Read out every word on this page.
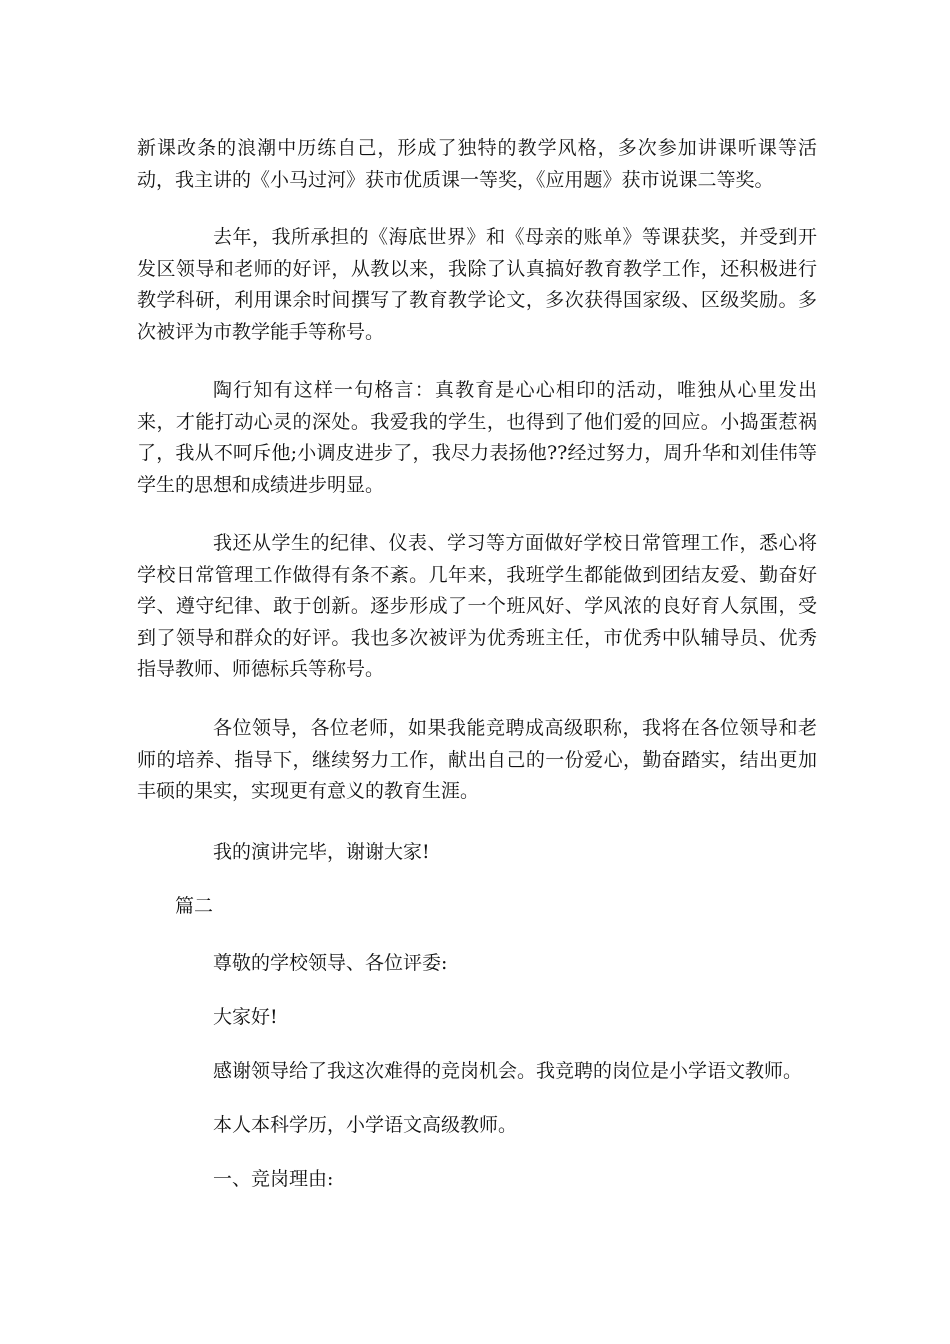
新课改条的浪潮中历练自己，形成了独特的教学风格，多次参加讲课听课等活动，我主讲的《小马过河》获市优质课一等奖，《应用题》获市说课二等奖。

去年，我所承担的《海底世界》和《母亲的账单》等课获奖，并受到开发区领导和老师的好评，从教以来，我除了认真搞好教育教学工作，还积极进行教学科研，利用课余时间撰写了教育教学论文，多次获得国家级、区级奖励。多次被评为市教学能手等称号。

陶行知有这样一句格言：真教育是心心相印的活动，唯独从心里发出来，才能打动心灵的深处。我爱我的学生，也得到了他们爱的回应。小捣蛋惹祸了，我从不呵斥他;小调皮进步了，我尽力表扬他??经过努力，周升华和刘佳伟等学生的思想和成绩进步明显。

我还从学生的纪律、仪表、学习等方面做好学校日常管理工作，悉心将学校日常管理工作做得有条不紊。几年来，我班学生都能做到团结友爱、勤奋好学、遵守纪律、敢于创新。逐步形成了一个班风好、学风浓的良好育人氛围，受到了领导和群众的好评。我也多次被评为优秀班主任，市优秀中队辅导员、优秀指导教师、师德标兵等称号。

各位领导，各位老师，如果我能竞聘成高级职称，我将在各位领导和老师的培养、指导下，继续努力工作，献出自己的一份爱心，勤奋踏实，结出更加丰硕的果实，实现更有意义的教育生涯。

我的演讲完毕，谢谢大家!

篇二

尊敬的学校领导、各位评委:

大家好!

感谢领导给了我这次难得的竞岗机会。我竞聘的岗位是小学语文教师。

本人本科学历，小学语文高级教师。

一、竞岗理由:
